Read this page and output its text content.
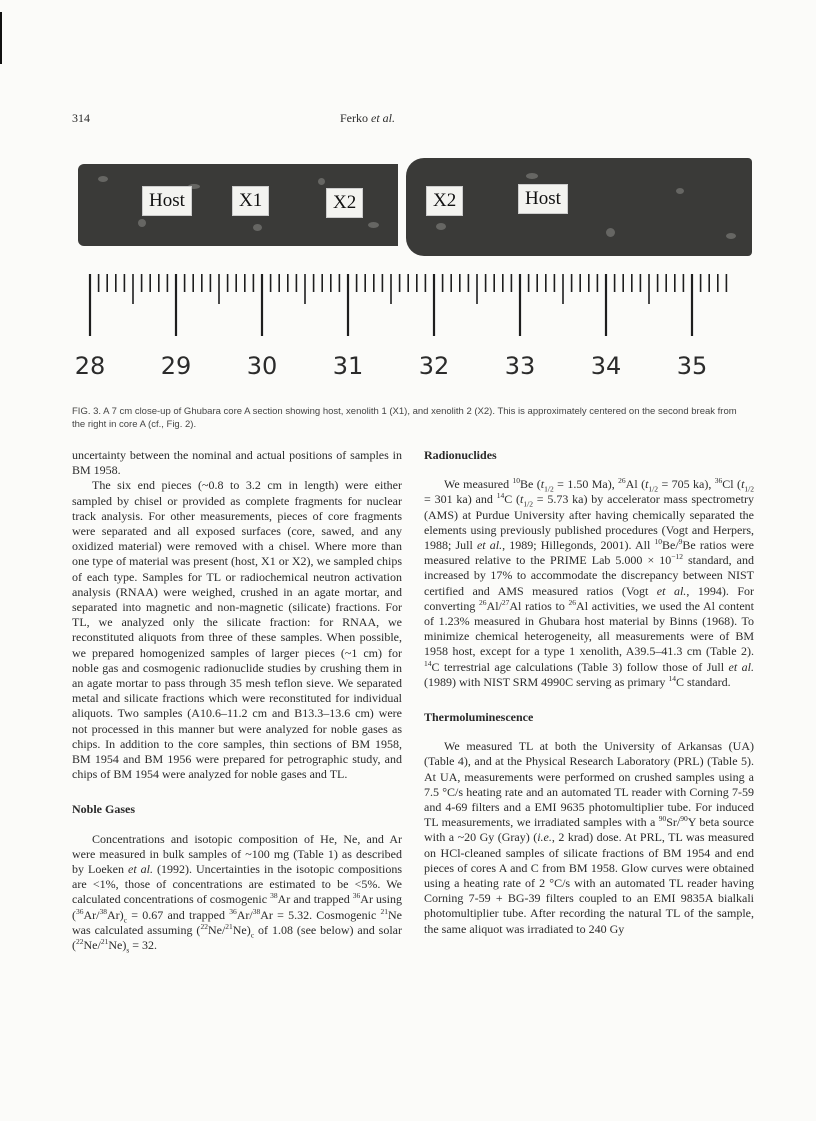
314	Ferko et al.
Host	X1	X2	X2	Host
28	29	30	31	32	33	34	35
FIG. 3. A 7 cm close-up of Ghubara core A section showing host, xenolith 1 (X1), and xenolith 2 (X2). This is approximately centered on the second break from the right in core A (cf., Fig. 2).

uncertainty between the nominal and actual positions of samples in BM 1958.

The six end pieces (~0.8 to 3.2 cm in length) were either sampled by chisel or provided as complete fragments for nuclear track analysis. For other measurements, pieces of core fragments were separated and all exposed surfaces (core, sawed, and any oxidized material) were removed with a chisel. Where more than one type of material was present (host, X1 or X2), we sampled chips of each type. Samples for TL or radiochemical neutron activation analysis (RNAA) were weighed, crushed in an agate mortar, and separated into magnetic and non-magnetic (silicate) fractions. For TL, we analyzed only the silicate fraction: for RNAA, we reconstituted aliquots from three of these samples. When possible, we prepared homogenized samples of larger pieces (~1 cm) for noble gas and cosmogenic radionuclide studies by crushing them in an agate mortar to pass through 35 mesh teflon sieve. We separated metal and silicate fractions which were reconstituted for individual aliquots. Two samples (A10.6–11.2 cm and B13.3–13.6 cm) were not processed in this manner but were analyzed for noble gases as chips. In addition to the core samples, thin sections of BM 1958, BM 1954 and BM 1956 were prepared for petrographic study, and chips of BM 1954 were analyzed for noble gases and TL.

Noble Gases

Concentrations and isotopic composition of He, Ne, and Ar were measured in bulk samples of ~100 mg (Table 1) as described by Loeken et al. (1992). Uncertainties in the isotopic compositions are <1%, those of concentrations are estimated to be <5%. We calculated concentrations of cosmogenic $^{38}$Ar and trapped $^{36}$Ar using $(^{36}Ar/^{38}Ar)_c = 0.67$ and trapped $^{36}$Ar/$^{38}$Ar = 5.32. Cosmogenic $^{21}$Ne was calculated assuming $(^{22}Ne/^{21}Ne)_c$ of 1.08 (see below) and solar $(^{22}Ne/^{21}Ne)_s = 32$.

Radionuclides

We measured $^{10}$Be ($t_{1/2} = 1.50$ Ma), $^{26}$Al ($t_{1/2} = 705$ ka), $^{36}$Cl ($t_{1/2} = 301$ ka) and $^{14}$C ($t_{1/2} = 5.73$ ka) by accelerator mass spectrometry (AMS) at Purdue University after having chemically separated the elements using previously published procedures (Vogt and Herpers, 1988; Jull et al., 1989; Hillegonds, 2001). All $^{10}$Be/$^9$Be ratios were measured relative to the PRIME Lab $5.000 \times 10^{-12}$ standard, and increased by 17% to accommodate the discrepancy between NIST certified and AMS measured ratios (Vogt et al., 1994). For converting $^{26}$Al/$^{27}$Al ratios to $^{26}$Al activities, we used the Al content of 1.23% measured in Ghubara host material by Binns (1968). To minimize chemical heterogeneity, all measurements were of BM 1958 host, except for a type 1 xenolith, A39.5–41.3 cm (Table 2). $^{14}$C terrestrial age calculations (Table 3) follow those of Jull et al. (1989) with NIST SRM 4990C serving as primary $^{14}$C standard.

Thermoluminescence

We measured TL at both the University of Arkansas (UA) (Table 4), and at the Physical Research Laboratory (PRL) (Table 5). At UA, measurements were performed on crushed samples using a 7.5 °C/s heating rate and an automated TL reader with Corning 7-59 and 4-69 filters and a EMI 9635 photomultiplier tube. For induced TL measurements, we irradiated samples with a $^{90}$Sr/$^{90}$Y beta source with a ~20 Gy (Gray) (i.e., 2 krad) dose. At PRL, TL was measured on HCl-cleaned samples of silicate fractions of BM 1954 and end pieces of cores A and C from BM 1958. Glow curves were obtained using a heating rate of 2 °C/s with an automated TL reader having Corning 7-59 + BG-39 filters coupled to an EMI 9835A bialkali photomultiplier tube. After recording the natural TL of the sample, the same aliquot was irradiated to 240 Gy
